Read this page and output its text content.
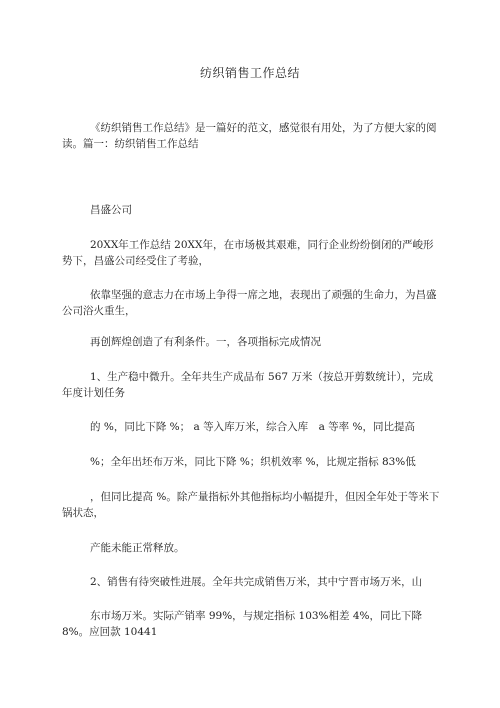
纺织销售工作总结
《纺织销售工作总结》是一篇好的范文，感觉很有用处，为了方便大家的阅读。篇一：纺织销售工作总结
昌盛公司
20XX年工作总结 20XX年，在市场极其艰难，同行企业纷纷倒闭的严峻形势下，昌盛公司经受住了考验，
依靠坚强的意志力在市场上争得一席之地，表现出了顽强的生命力，为昌盛公司浴火重生，
再创辉煌创造了有利条件。一，各项指标完成情况
1、生产稳中微升。全年共生产成品布 567 万米（按总开剪数统计），完成年度计划任务
的 %，同比下降 %； a 等入库万米，综合入库　a 等率 %，同比提高
%；全年出坯布万米，同比下降 %；织机效率 %，比规定指标 83%低
，但同比提高 %。除产量指标外其他指标均小幅提升，但因全年处于等米下锅状态，
产能未能正常释放。
2、销售有待突破性进展。全年共完成销售万米，其中宁晋市场万米，山
东市场万米。实际产销率 99%，与规定指标 103%相差 4%，同比下降 8%。应回款 10441
